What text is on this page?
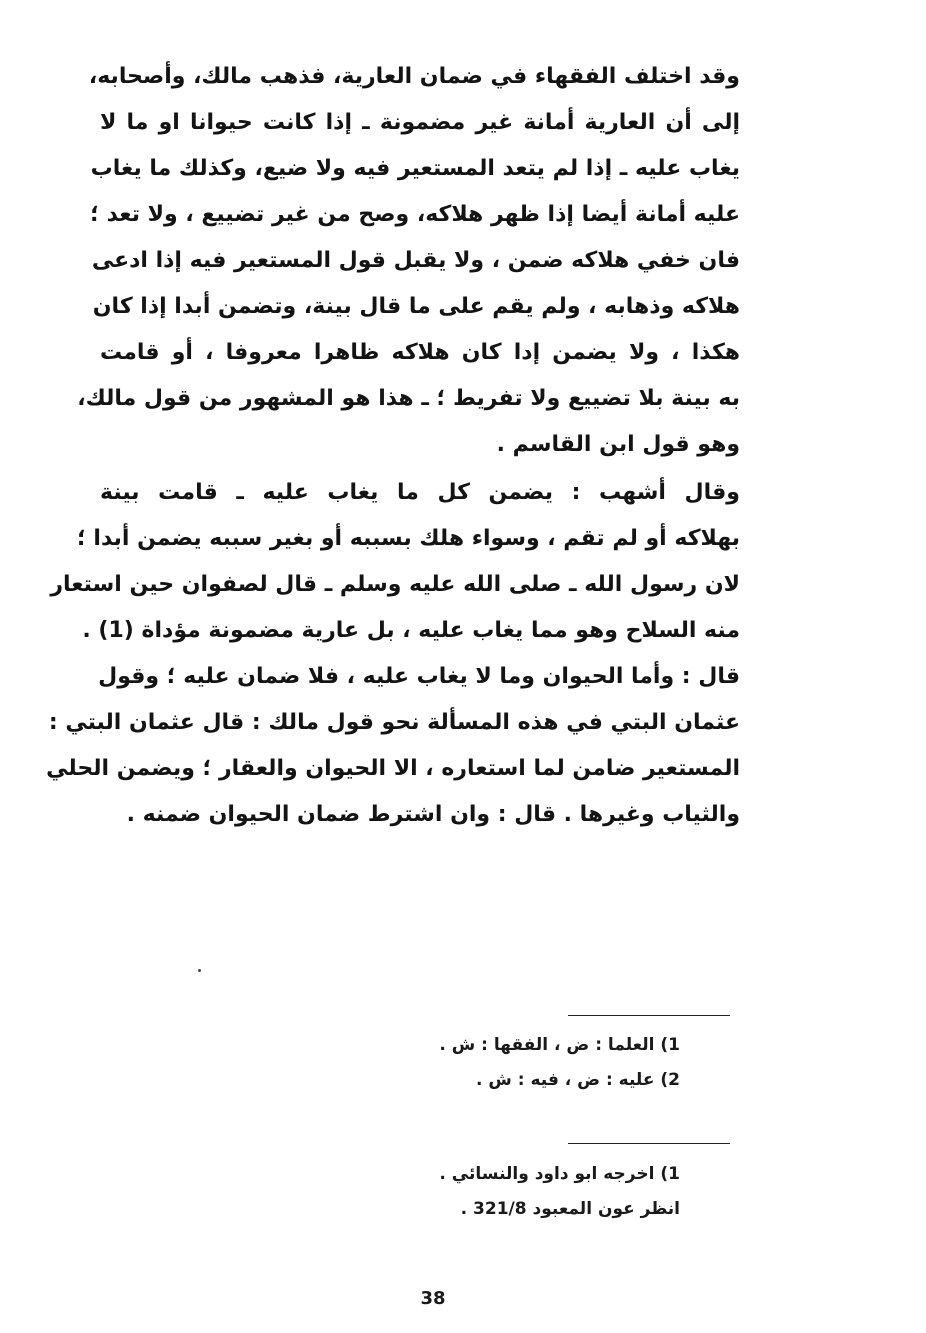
وقد اختلف الفقهاء في ضمان العارية، فذهب مالك، وأصحابه،
إلى أن العارية أمانة غير مضمونة ـ إذا كانت حيوانا او ما لا
يغاب عليه ـ إذا لم يتعد المستعير فيه ولا ضيع، وكذلك ما يغاب
عليه أمانة أيضا إذا ظهر هلاكه، وصح من غير تضييع ، ولا تعد ؛
فان خفي هلاكه ضمن ، ولا يقبل قول المستعير فيه إذا ادعى
هلاكه وذهابه ، ولم يقم على ما قال بينة، وتضمن أبدا إذا كان
هكذا ، ولا يضمن إدا كان هلاكه ظاهرا معروفا ، أو قامت
به بينة بلا تضييع ولا تفريط ؛ ـ هذا هو المشهور من قول مالك،
وهو قول ابن القاسم .
وقال أشهب : يضمن كل ما يغاب عليه ـ قامت بينة
بهلاكه أو لم تقم ، وسواء هلك بسببه أو بغير سببه يضمن أبدا ؛
لان رسول الله ـ صلى الله عليه وسلم ـ قال لصفوان حين استعار
منه السلاح وهو مما يغاب عليه ، بل عارية مضمونة مؤداة (1) .
قال : وأما الحيوان وما لا يغاب عليه ، فلا ضمان عليه ؛ وقول
عثمان البتي في هذه المسألة نحو قول مالك : قال عثمان البتي :
المستعير ضامن لما استعاره ، الا الحيوان والعقار ؛ ويضمن الحلي
والثياب وغيرها . قال : وان اشترط ضمان الحيوان ضمنه .
1) العلما : ض ، الفقها : ش .
2) عليه : ض ، فيه : ش .
1) اخرجه ابو داود والنسائي .
انظر عون المعبود 321/8 .
38
